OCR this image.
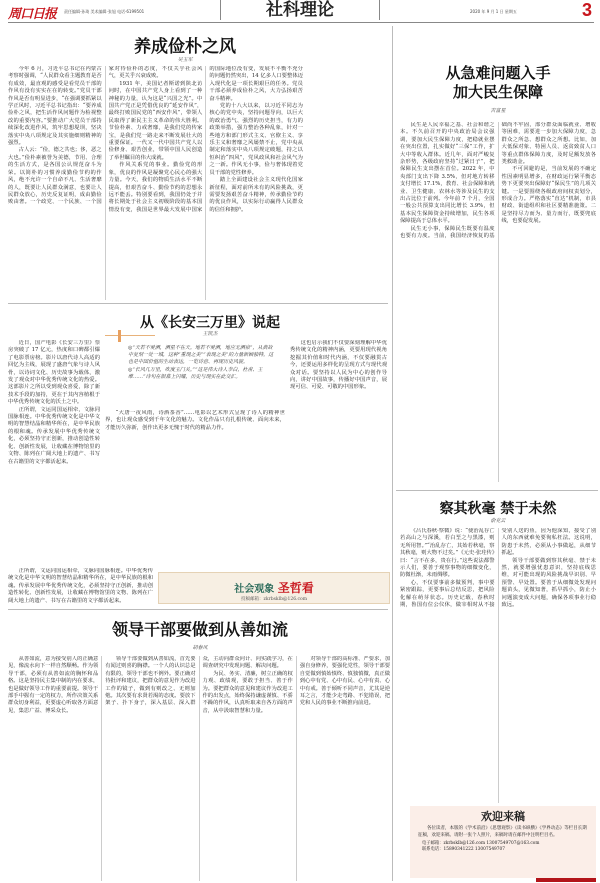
周口日报 责任编辑·孙琦 美术编辑·张旭 电话·6199501	社科理论	2020 年 9 月 1 日 星期五	3
养成俭朴之风
吴玉军

今年 6 月，习近平总书记在内蒙古考察时强调，“人民群众看主题教育是否有成效，最直观的感受是看党员干部的作风有没有实实在在的转变。”党员干部作风是否有明显进步，“在强调要抓紧以学正风时，习近平总书记指出：“要养成俭朴之风，把生活作风问题作为检视整改的重要内容。”要推动广大党员干部持续深化改进作风，筑牢思想堤坝，坚决落实中央八项规定及其实施细则精神的强烈。

古人云：“俭，德之共也；侈，恶之大也。”俭朴素被誉为美德，节用、合理的生活方式，是各国公认规范奋斗为荣。以简朴的习惯养成勤俭节约的作风，绝不允许一个自命不凡、生活奢靡的人，既要让人民群众满意，也要让人民群众放心，历史反复证明，成由勤俭败由奢。一个政党、一个民族、一个国家对待俭朴的态度，不仅关乎社会风气，更关乎兴衰成败。

1931 年，美国记者斯诺到陕北访问时，在中国共产党人身上看到了一种神秘的力量，认为这是“兴国之光”。中国共产党正是凭借优良的“延安作风”，最终打败国民党的“西安作风”，带领人民取得了新民主主义革命的伟大胜利。节俭朴素、力戒奢靡，是我们党的传家宝，是我们党一路走来不断发展壮大的重要保证。一代又一代中国共产党人以俭修身、艰苦创业，带领中国人民创造了举世瞩目的伟大成就。

作风关系党的事业。勤俭党的形象，优良的作风是凝聚党心民心的强大力量。今天，我们的物质生活水平不断提高，但艰苦奋斗、勤俭节约的思想永远不能丢。特别要看到，我国仍处于并将长期处于社会主义初级阶段的基本国情没有变，我国是世界最大发展中国家的国际地位没有变，发展不平衡不充分的问题仍然突出，14 亿多人口要整体迈入现代化是一项长期艰巨的任务。党员干部必须养成俭朴之风，大力弘扬艰苦奋斗精神。

党的十八大以来，以习近平同志为核心的党中央，坚持问题导向，以巨大的政治勇气、强烈的历史担当，有力的政策举措，强力整治各种乱象，针对一些地方和部门形式主义、官僚主义、享乐主义和奢靡之风屡禁不止，党中央从制定和落实中央八项规定破题，持之以恒纠治“四风”，党风政风和社会风气为之一新。作风无小事，俭与奢体现着党员干部的党性修养。

踏上全面建设社会主义现代化国家新征程，面对前所未有的风险挑战，更需要发扬艰苦奋斗精神，传承勤俭节约的优良作风，以实际行动赢得人民群众的信任和拥护。

从急难问题入手
加大民生保障
吉富星

民生是人民幸福之基、社会和谐之本。不久前召开的中央政治局会议强调，要加大民生保障力度，把稳就业摆在突出位置，扎实做好“三保”工作，扩大中等收入群体。近几年，面对严峻复杂形势，各级政府坚持“过紧日子”，把保障民生支出摆在首位。2022 年，中央部门支出下降 3.5%，但对地方转移支付增长 17.1%，教育、社会保障和就业、卫生健康、农林水等涉及民生的支出占比位于前列。今年前 7 个月，全国一般公共预算支出同比增长 3.9%，但基本民生保障资金持续增加，民生各项保障提高于总体水平。

民生无小事，保障民生既要有温度也要有力度。当前，我国经济恢复的基础尚不牢固，部分群众面临就业、增收等困难，需要进一步加大保障力度，急群众之所急、想群众之所想。比如，加大低保对象、特困人员、返贫致贫人口等重点群体保障力度，及时足额发放各类救助金。

不可回避的是，当前发展的不确定性因素明显增多，在财政运行紧平衡态势下更要突出保障好“保民生”的几项关键。一是要围绕各级政府间权责划分，形成合力。严格落实“直达”机制，市县财政、街道组织和社区要精准施策。二是坚持尽力而为、量力而行，既要兜底线，也要促发展。

从《长安三万里》说起
王凯杰

近日，国产电影《长安三万里》票房突破了 17 亿元，热度和口碑都引爆了电影票房榜。影片以唐代诗人高适的回忆为主线，展现了盛唐气象与诗人风骨，以诗词文化、历史故事为载体，激发了观众对中华优秀传统文化的热爱。这部影片之所以受到观众喜爱，除了新技术手段的加持，更在于其内容植根于中华优秀传统文化的沃土之中。

正所谓，文运同国运相牵，文脉同国脉相连。中华优秀传统文化是中华文明的智慧结晶和精华所在，是中华民族的根和魂。传承发展中华优秀传统文化，必须坚持守正创新，推动创造性转化、创新性发展，让收藏在博物馆里的文物、陈列在广阔大地上的遗产、书写在古籍里的文字都活起来。

◎“天若不爱酒，酒星不在天。地若不爱酒，地应无酒泉”，从典故中复刻一处一城，这种“重现之美”“表现之美”的力量新颖独特，这也是中国价值的生动表达，一览诗意、再现历史风貌。

◎“长风几万里，吹度玉门关。”“这是伟大诗人李白，杜甫、王维……”诗句在银幕上闪耀，历史与现实在此交汇。

“大唐一夜风雨，诗酒茶香”……电影以艺术形式呈现了诗人的精神世界，也让观众感受到千年文化的魅力。文化作品只有扎根传统、面向未来，才能历久弥新，创作出更多无愧于时代的精品力作。

这也启示我们不仅要深刻理解中华优秀传统文化的精神内涵，更要用现代视角挖掘其价值和时代内涵，不仅要融贯古今，还要运用多样化的呈现方式与现代观众对话。要坚持以人民为中心的创作导向，讲好中国故事，传播好中国声音，展现可信、可爱、可敬的中国形象。

社会观象 圣哲看
投稿邮箱：zkrbsklb@126.com

正所谓，文运同国运相牵，文脉同国脉相连。中华优秀传统文化是中华文明的智慧结晶和精华所在，是中华民族的根和魂。传承发展中华优秀传统文化，必须坚持守正创新，推动创造性转化、创新性发展，让收藏在博物馆里的文物、陈列在广阔大地上的遗产、书写在古籍里的文字都活起来。

领导干部要做到从善如流
胡春风

从善如流，意为接受别人的正确意见，像流水向下一样自然顺畅。作为领导干部，必须有从善如流的胸怀和品格。这是坚持民主集中制的内在要求，也是做好领导工作的重要前提。领导干部手中握有一定的权力，所作决策关系群众切身利益，更要虚心听取各方面意见，集思广益、博采众长。

领导干部要做到从善如流，首先要有闻过则喜的胸襟。一个人的认识总是有限的，领导干部也不例外。要正确对待批评和建议，把群众的意见作为改进工作的镜子，做到有则改之、无则加勉。其次要有求贤若渴的态度。要放下架子、扑下身子，深入基层、深入群众，主动向群众问计、向实践学习，在调查研究中发现问题、解决问题。

为民、务实、清廉，树立正确的权力观、政绩观，要敢于担当、善于作为。要把群众的意见和建议作为改进工作的出发点，始终保持谦虚谨慎、不骄不躁的作风，认真听取来自各方面的声音，从中汲取智慧和力量。

对领导干部的高标准、严要求，加强自身修养，要强化党性，领导干部要自觉做到慎始慎终、慎独慎微，真正做到心中有党、心中有民、心中有责、心中有戒。善于倾听不同声音，尤其是逆耳之言，才能少走弯路、不犯错误，把党和人民的事业不断推向前进。

察其秋毫 禁于未然
俞克云

《吕氏春秋·察微》说：“使治乱存亡若高山之与深溪，若白垩之与黑漆，则无所用智。”“治乱存亡，其始若秋毫，察其秋毫，则大物不过矣。”《元史·张珪传》曰：“言不在多，贵在行。”这些说法都警示人们，要善于观察事物的细微变化，防微杜渐，未雨绸缪。

心，不仅要事前多做预判，事中要紧密跟踪，更要事后总结反思，把风险化解在萌芽状态。历史记载，春秋时期，鲁国有位公仪休，做宰相时从不接受别人送的鱼，因为他深知，接受了别人的东西就难免要徇私枉法。这说明，防患于未然，必须从小事做起，从细节抓起。

领导干部要做到察其秋毫、禁于未然，就要增强忧患意识，坚持底线思维，对可能出现的风险挑战早识别、早预警、早处置。要善于从细微处发现问题苗头，见微知著，抓早抓小，防止小问题演变成大问题，确保各项事业行稳致远。

欢迎来稿
各位读者，本版的《学术前沿》《思想观察》《读书纵横》《学界动态》等栏目长期征稿，欢迎来稿。请附一张个人照片，来稿时请在邮件中注明栏目名。
电子邮箱：zkrbsklb@126.com 13007549707@163.com
联系电话：15890341222 13007549707
